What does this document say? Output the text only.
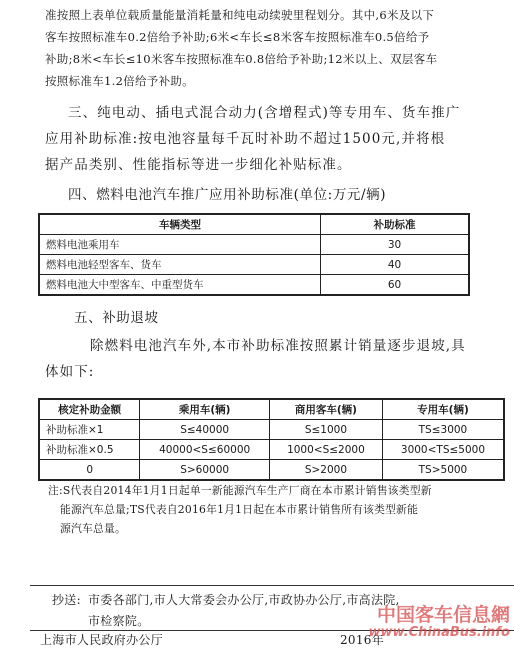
准按照上表单位载质量能量消耗量和纯电动续驶里程划分。其中,6米及以下
客车按照标准车0.2倍给予补助;6米<车长≤8米客车按照标准车0.5倍给予
补助;8米<车长≤10米客车按照标准车0.8倍给予补助;12米以上、双层客车
按照标准车1.2倍给予补助。
三、纯电动、插电式混合动力(含增程式)等专用车、货车推广
应用补助标准:按电池容量每千瓦时补助不超过1500元,并将根
据产品类别、性能指标等进一步细化补贴标准。
四、燃料电池汽车推广应用补助标准(单位:万元/辆)
车辆类型	补助标准
燃料电池乘用车	30
燃料电池轻型客车、货车	40
燃料电池大中型客车、中重型货车	60
五、补助退坡
除燃料电池汽车外,本市补助标准按照累计销量逐步退坡,具
体如下:
核定补助金额	乘用车(辆)	商用客车(辆)	专用车(辆)
补助标准×1	S≤40000	S≤1000	TS≤3000
补助标准×0.5	40000<S≤60000	1000<S≤2000	3000<TS≤5000
0	S>60000	S>2000	TS>5000
注:S代表自2014年1月1日起单一新能源汽车生产厂商在本市累计销售该类型新
能源汽车总量;TS代表自2016年1月1日起在本市累计销售所有该类型新能
源汽车总量。
抄送: 市委各部门,市人大常委会办公厅,市政协办公厅,市高法院,
市检察院。
上海市人民政府办公厅	2016年
中国客车信息網
www.ChinaBus.info
